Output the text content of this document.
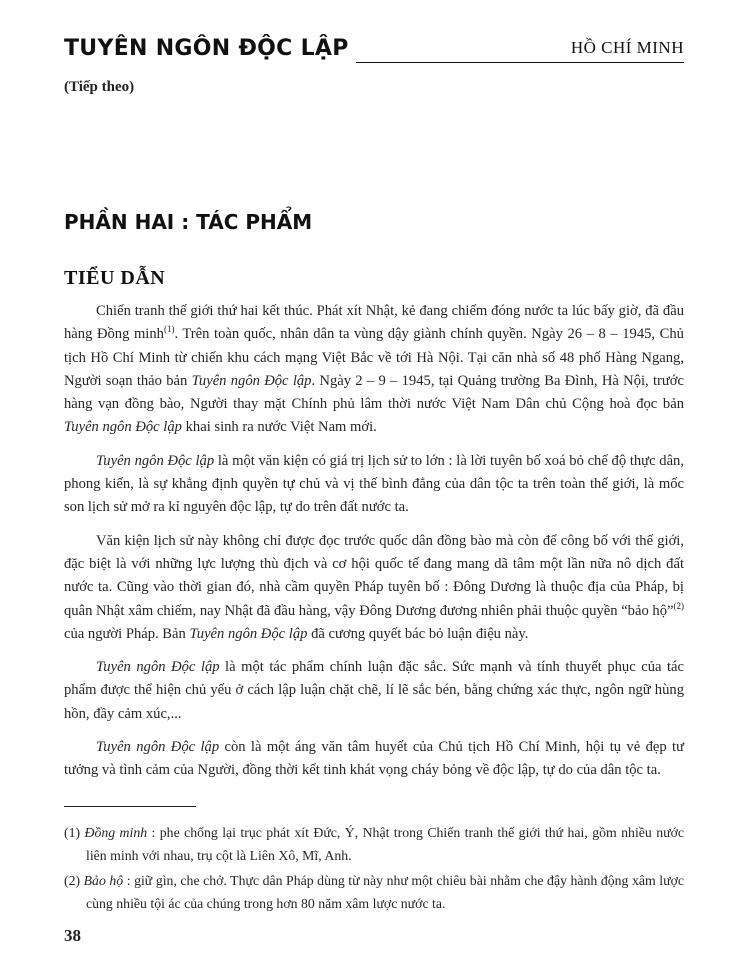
TUYÊN NGÔN ĐỘC LẬP	HỒ CHÍ MINH
(Tiếp theo)
PHẦN HAI : TÁC PHẨM
TIỂU DẪN

Chiến tranh thế giới thứ hai kết thúc. Phát xít Nhật, kẻ đang chiếm đóng nước ta lúc bấy giờ, đã đầu hàng Đồng minh$^{(1)}$. Trên toàn quốc, nhân dân ta vùng dậy giành chính quyền. Ngày 26 – 8 – 1945, Chủ tịch Hồ Chí Minh từ chiến khu cách mạng Việt Bắc về tới Hà Nội. Tại căn nhà số 48 phố Hàng Ngang, Người soạn thảo bản Tuyên ngôn Độc lập. Ngày 2 – 9 – 1945, tại Quảng trường Ba Đình, Hà Nội, trước hàng vạn đồng bào, Người thay mặt Chính phủ lâm thời nước Việt Nam Dân chủ Cộng hoà đọc bản Tuyên ngôn Độc lập khai sinh ra nước Việt Nam mới.

Tuyên ngôn Độc lập là một văn kiện có giá trị lịch sử to lớn : là lời tuyên bố xoá bỏ chế độ thực dân, phong kiến, là sự khẳng định quyền tự chủ và vị thế bình đẳng của dân tộc ta trên toàn thế giới, là mốc son lịch sử mở ra kỉ nguyên độc lập, tự do trên đất nước ta.

Văn kiện lịch sử này không chỉ được đọc trước quốc dân đồng bào mà còn để công bố với thế giới, đặc biệt là với những lực lượng thù địch và cơ hội quốc tế đang mang dã tâm một lần nữa nô dịch đất nước ta. Cũng vào thời gian đó, nhà cầm quyền Pháp tuyên bố : Đông Dương là thuộc địa của Pháp, bị quân Nhật xâm chiếm, nay Nhật đã đầu hàng, vậy Đông Dương đương nhiên phải thuộc quyền “bảo hộ”$^{(2)}$ của người Pháp. Bản Tuyên ngôn Độc lập đã cương quyết bác bỏ luận điệu này.

Tuyên ngôn Độc lập là một tác phẩm chính luận đặc sắc. Sức mạnh và tính thuyết phục của tác phẩm được thể hiện chủ yếu ở cách lập luận chặt chẽ, lí lẽ sắc bén, bằng chứng xác thực, ngôn ngữ hùng hồn, đầy cảm xúc,...

Tuyên ngôn Độc lập còn là một áng văn tâm huyết của Chủ tịch Hồ Chí Minh, hội tụ vẻ đẹp tư tưởng và tình cảm của Người, đồng thời kết tinh khát vọng cháy bỏng về độc lập, tự do của dân tộc ta.

(1) Đồng minh : phe chống lại trục phát xít Đức, Ý, Nhật trong Chiến tranh thế giới thứ hai, gồm nhiều nước liên minh với nhau, trụ cột là Liên Xô, Mĩ, Anh.
(2) Bảo hộ : giữ gìn, che chở. Thực dân Pháp dùng từ này như một chiêu bài nhằm che đậy hành động xâm lược cùng nhiều tội ác của chúng trong hơn 80 năm xâm lược nước ta.
38
